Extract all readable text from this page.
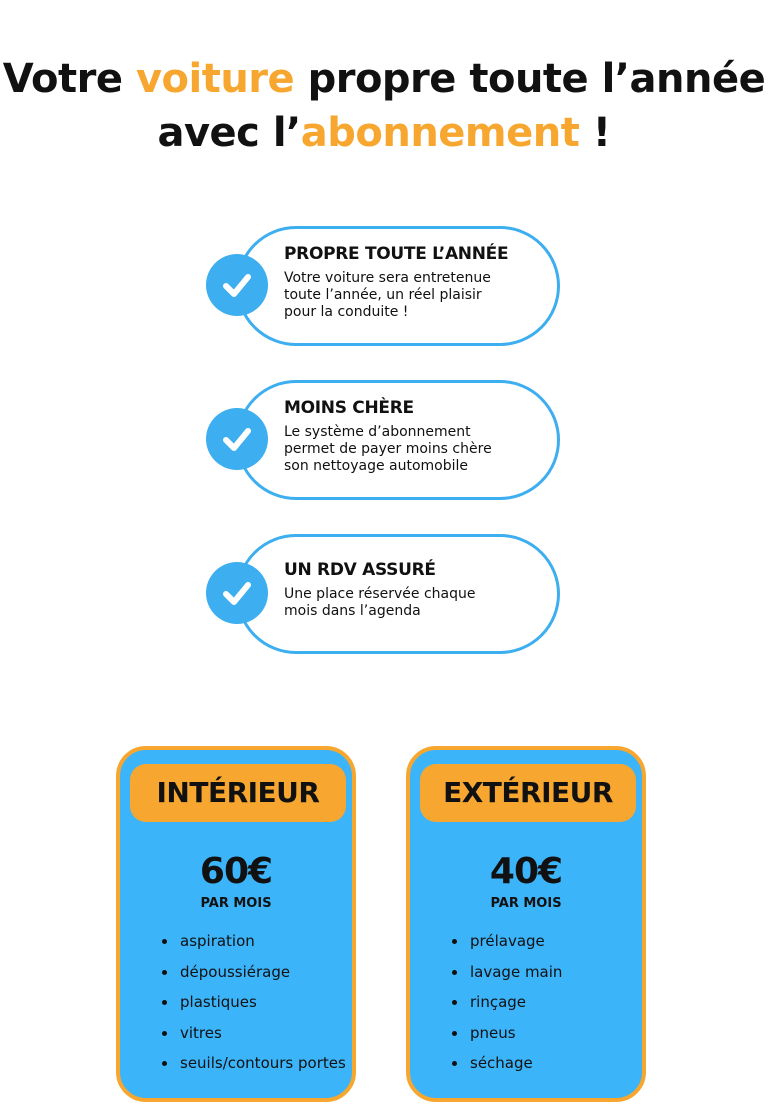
Votre voiture propre toute l’année
avec l’abonnement !

PROPRE TOUTE L’ANNÉE

Votre voiture sera entretenue
toute l’année, un réel plaisir
pour la conduite !

MOINS CHÈRE

Le système d’abonnement
permet de payer moins chère
son nettoyage automobile

UN RDV ASSURÉ

Une place réservée chaque
mois dans l’agenda

INTÉRIEUR
60€
PAR MOIS
• aspiration
• dépoussiérage
• plastiques
• vitres
• seuils/contours portes
EXTÉRIEUR
40€
PAR MOIS
• prélavage
• lavage main
• rinçage
• pneus
• séchage
